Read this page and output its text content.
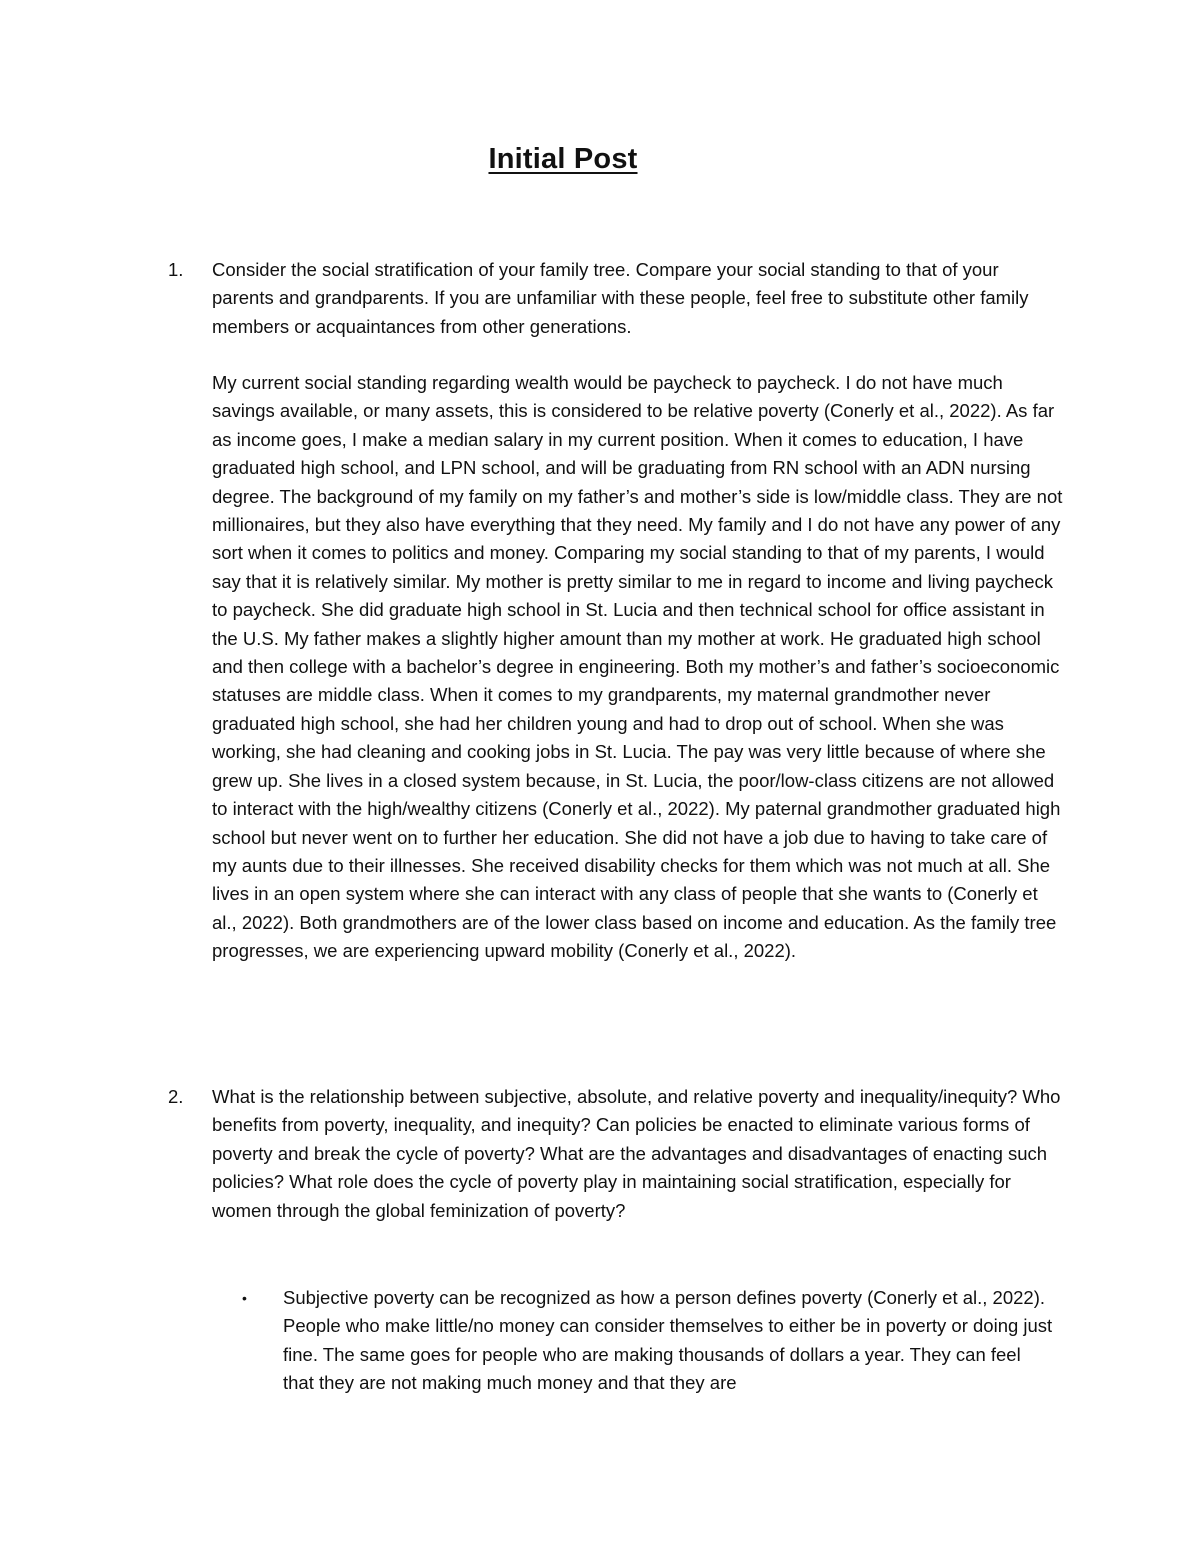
Initial Post
1.	Consider the social stratification of your family tree. Compare your social standing to that of your parents and grandparents. If you are unfamiliar with these people, feel free to substitute other family members or acquaintances from other generations.

My current social standing regarding wealth would be paycheck to paycheck. I do not have much savings available, or many assets, this is considered to be relative poverty (Conerly et al., 2022). As far as income goes, I make a median salary in my current position. When it comes to education, I have graduated high school, and LPN school, and will be graduating from RN school with an ADN nursing degree. The background of my family on my father’s and mother’s side is low/middle class. They are not millionaires, but they also have everything that they need. My family and I do not have any power of any sort when it comes to politics and money. Comparing my social standing to that of my parents, I would say that it is relatively similar. My mother is pretty similar to me in regard to income and living paycheck to paycheck. She did graduate high school in St. Lucia and then technical school for office assistant in the U.S. My father makes a slightly higher amount than my mother at work. He graduated high school and then college with a bachelor’s degree in engineering. Both my mother’s and father’s socioeconomic statuses are middle class. When it comes to my grandparents, my maternal grandmother never graduated high school, she had her children young and had to drop out of school. When she was working, she had cleaning and cooking jobs in St. Lucia. The pay was very little because of where she grew up. She lives in a closed system because, in St. Lucia, the poor/low-class citizens are not allowed to interact with the high/wealthy citizens (Conerly et al., 2022). My paternal grandmother graduated high school but never went on to further her education. She did not have a job due to having to take care of my aunts due to their illnesses. She received disability checks for them which was not much at all. She lives in an open system where she can interact with any class of people that she wants to (Conerly et al., 2022). Both grandmothers are of the lower class based on income and education. As the family tree progresses, we are experiencing upward mobility (Conerly et al., 2022).

2.	What is the relationship between subjective, absolute, and relative poverty and inequality/inequity? Who benefits from poverty, inequality, and inequity? Can policies be enacted to eliminate various forms of poverty and break the cycle of poverty? What are the advantages and disadvantages of enacting such policies? What role does the cycle of poverty play in maintaining social stratification, especially for women through the global feminization of poverty?

•	Subjective poverty can be recognized as how a person defines poverty (Conerly et al., 2022). People who make little/no money can consider themselves to either be in poverty or doing just fine. The same goes for people who are making thousands of dollars a year. They can feel that they are not making much money and that they are
